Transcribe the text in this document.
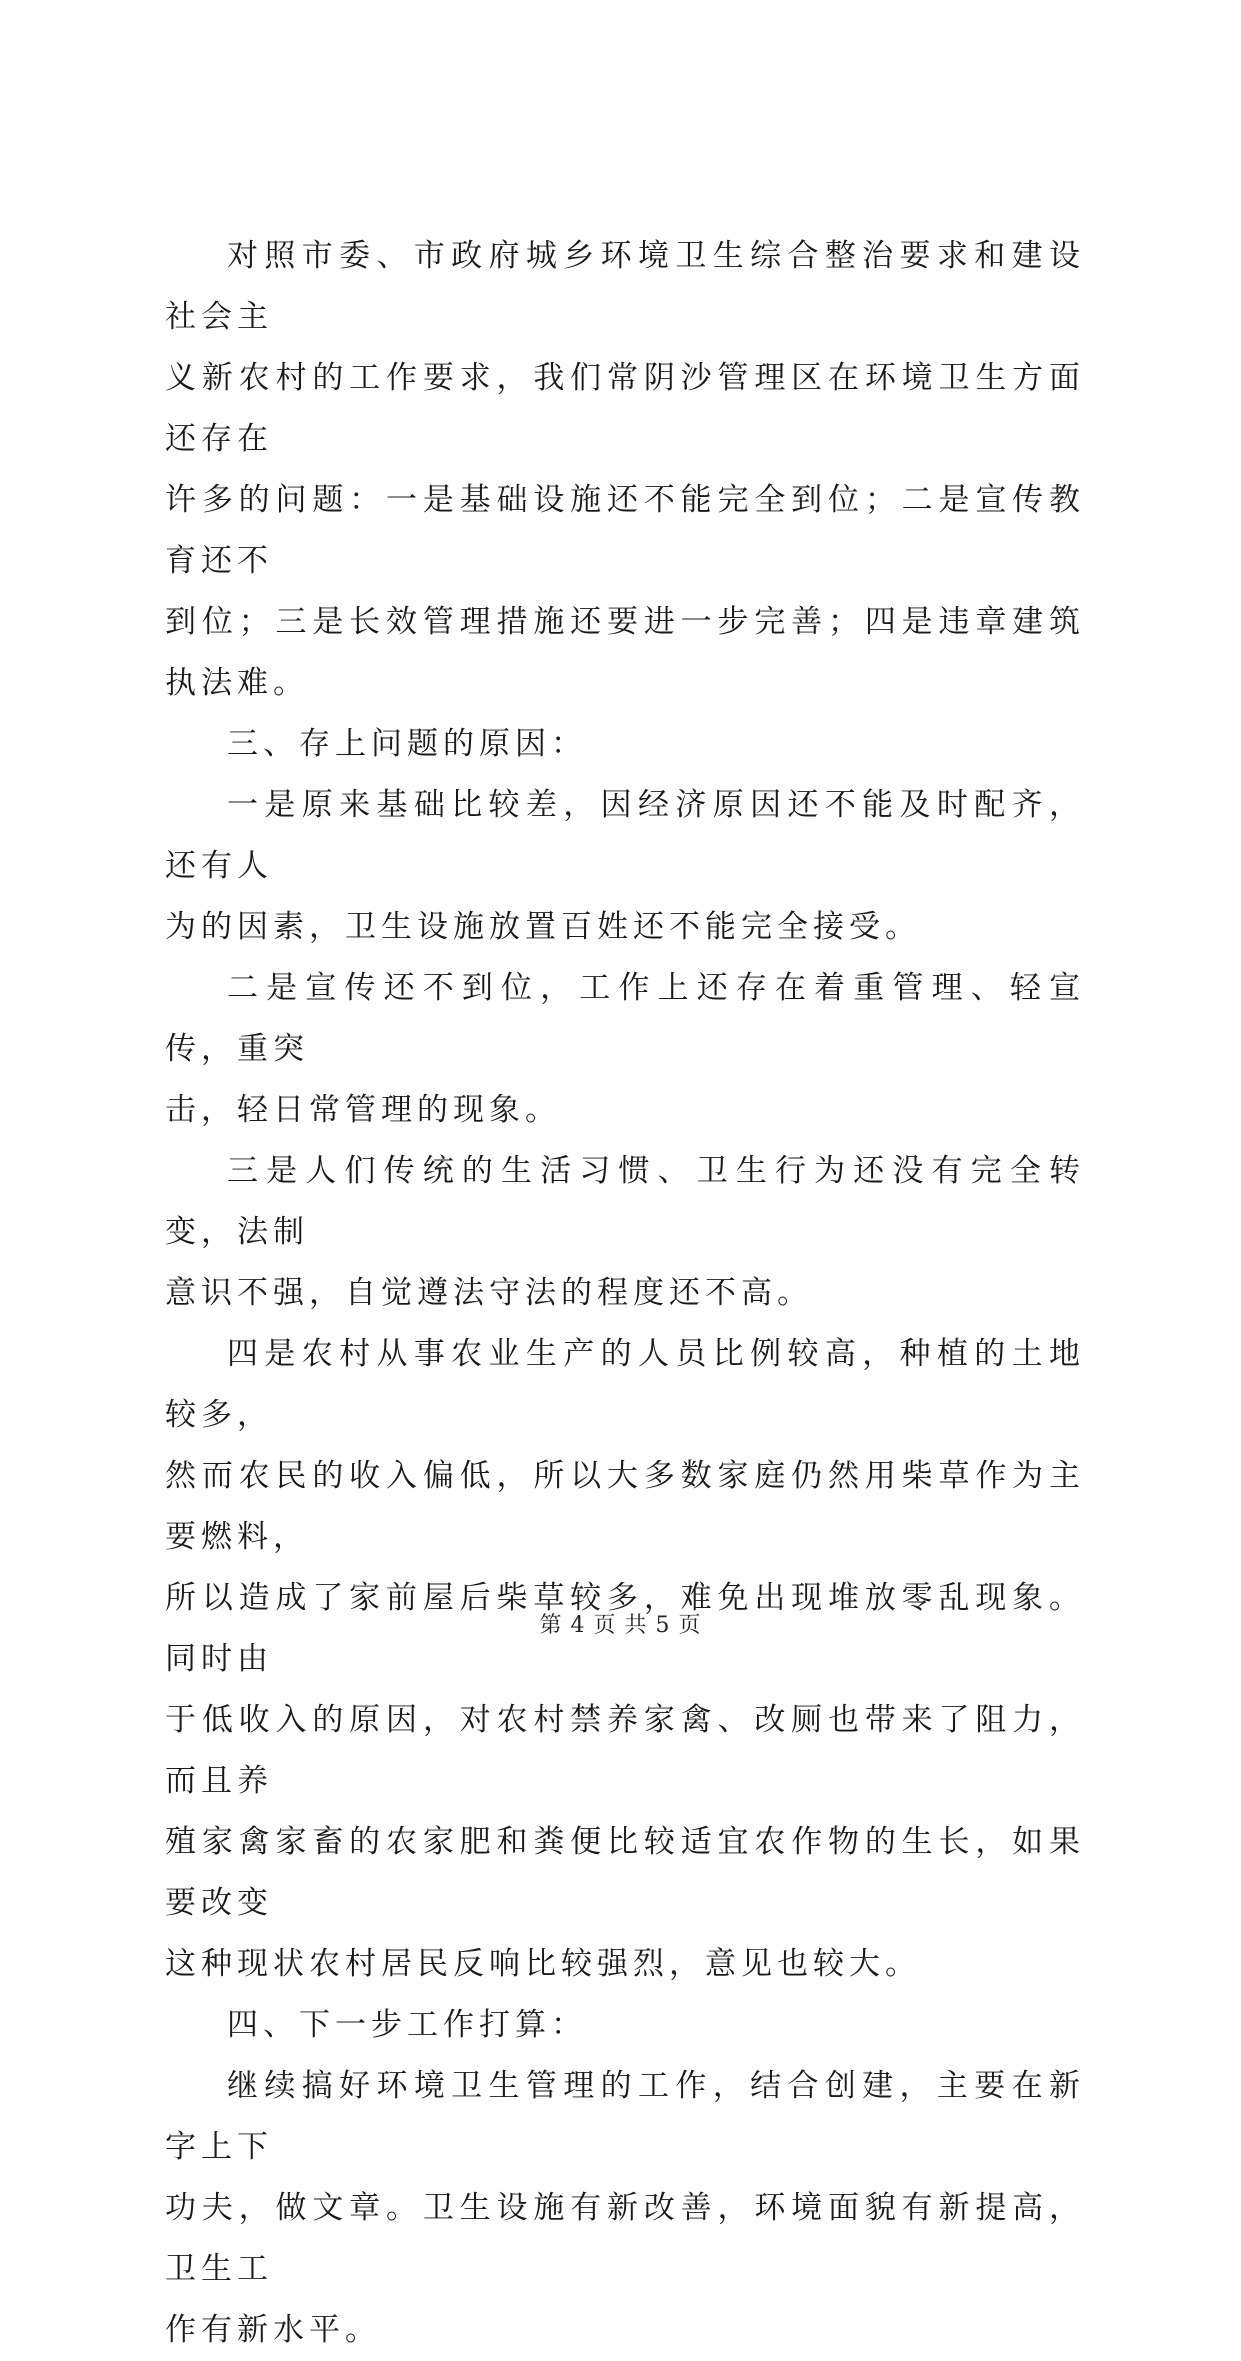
对照市委、市政府城乡环境卫生综合整治要求和建设社会主
义新农村的工作要求，我们常阴沙管理区在环境卫生方面还存在
许多的问题：一是基础设施还不能完全到位；二是宣传教育还不
到位；三是长效管理措施还要进一步完善；四是违章建筑执法难。

三、存上问题的原因：

一是原来基础比较差，因经济原因还不能及时配齐，还有人
为的因素，卫生设施放置百姓还不能完全接受。

二是宣传还不到位，工作上还存在着重管理、轻宣传，重突
击，轻日常管理的现象。

三是人们传统的生活习惯、卫生行为还没有完全转变，法制
意识不强，自觉遵法守法的程度还不高。

四是农村从事农业生产的人员比例较高，种植的土地较多，
然而农民的收入偏低，所以大多数家庭仍然用柴草作为主要燃料，
所以造成了家前屋后柴草较多，难免出现堆放零乱现象。同时由
于低收入的原因，对农村禁养家禽、改厕也带来了阻力，而且养
殖家禽家畜的农家肥和粪便比较适宜农作物的生长，如果要改变
这种现状农村居民反响比较强烈，意见也较大。

四、下一步工作打算：

继续搞好环境卫生管理的工作，结合创建，主要在新字上下
功夫，做文章。卫生设施有新改善，环境面貌有新提高，卫生工
作有新水平。

第 4 页 共 5 页
